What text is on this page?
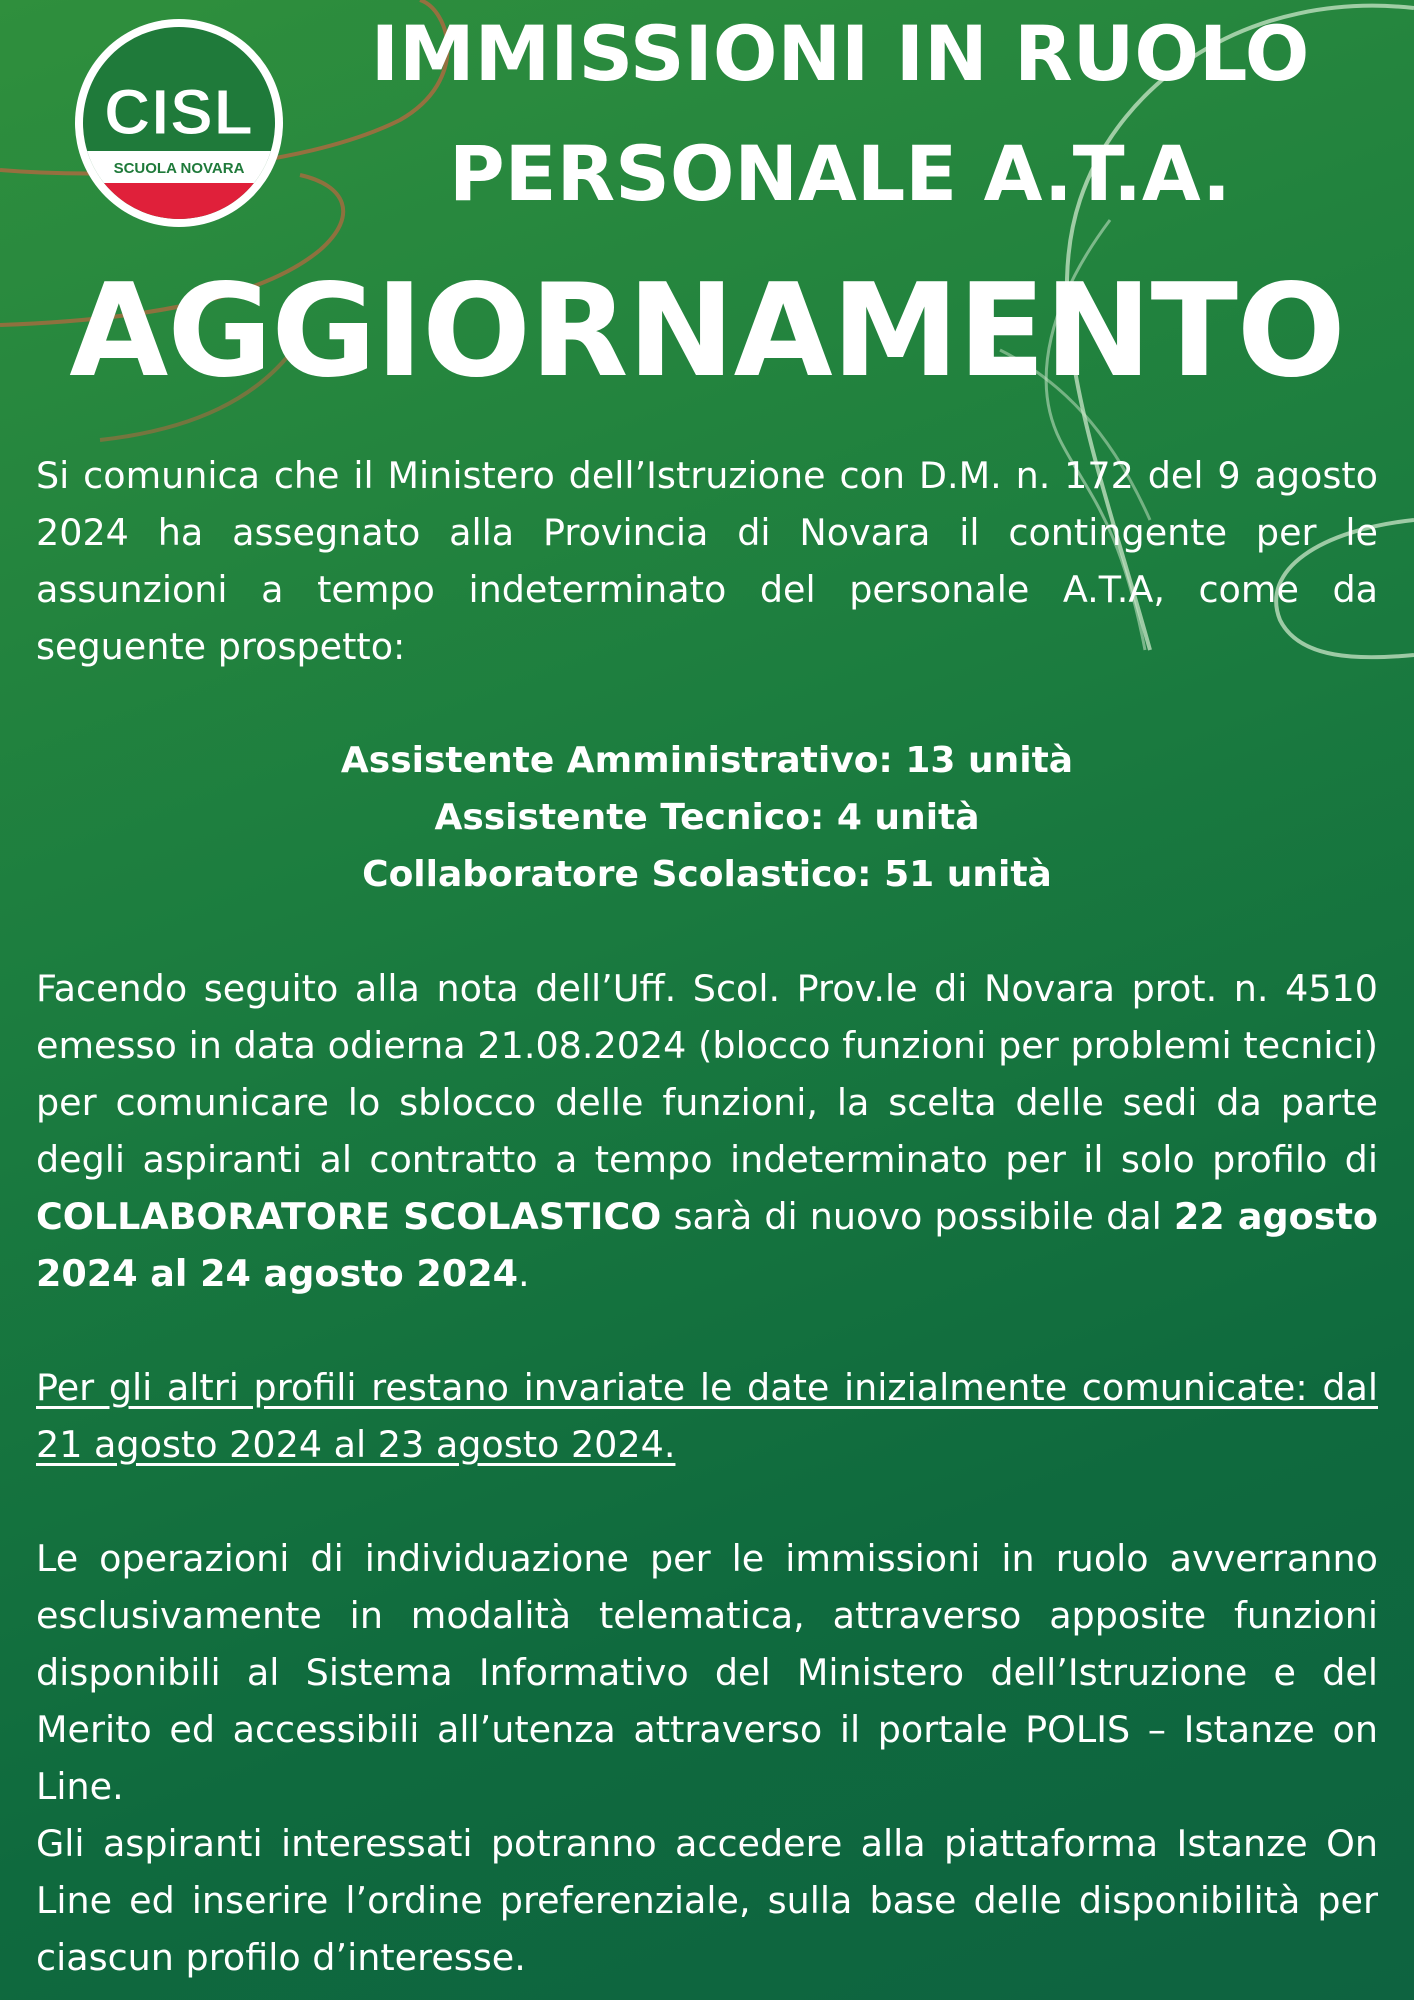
CISL
SCUOLA NOVARA
IMMISSIONI IN RUOLO
PERSONALE A.T.A.
AGGIORNAMENTO

Si comunica che il Ministero dell’Istruzione con D.M. n. 172 del 9 agosto 2024 ha assegnato alla Provincia di Novara il contingente per le assunzioni a tempo indeterminato del personale A.T.A, come da seguente prospetto:

Assistente Amministrativo: 13 unità
Assistente Tecnico: 4 unità
Collaboratore Scolastico: 51 unità

Facendo seguito alla nota dell’Uff. Scol. Prov.le di Novara prot. n. 4510 emesso in data odierna 21.08.2024 (blocco funzioni per problemi tecnici) per comunicare lo sblocco delle funzioni, la scelta delle sedi da parte degli aspiranti al contratto a tempo indeterminato per il solo profilo di COLLABORATORE SCOLASTICO sarà di nuovo possibile dal 22 agosto 2024 al 24 agosto 2024.

Per gli altri profili restano invariate le date inizialmente comunicate: dal 21 agosto 2024 al 23 agosto 2024.

Le operazioni di individuazione per le immissioni in ruolo avverranno esclusivamente in modalità telematica, attraverso apposite funzioni disponibili al Sistema Informativo del Ministero dell’Istruzione e del Merito ed accessibili all’utenza attraverso il portale POLIS – Istanze on Line.

Gli aspiranti interessati potranno accedere alla piattaforma Istanze On Line ed inserire l’ordine preferenziale, sulla base delle disponibilità per ciascun profilo d’interesse.
